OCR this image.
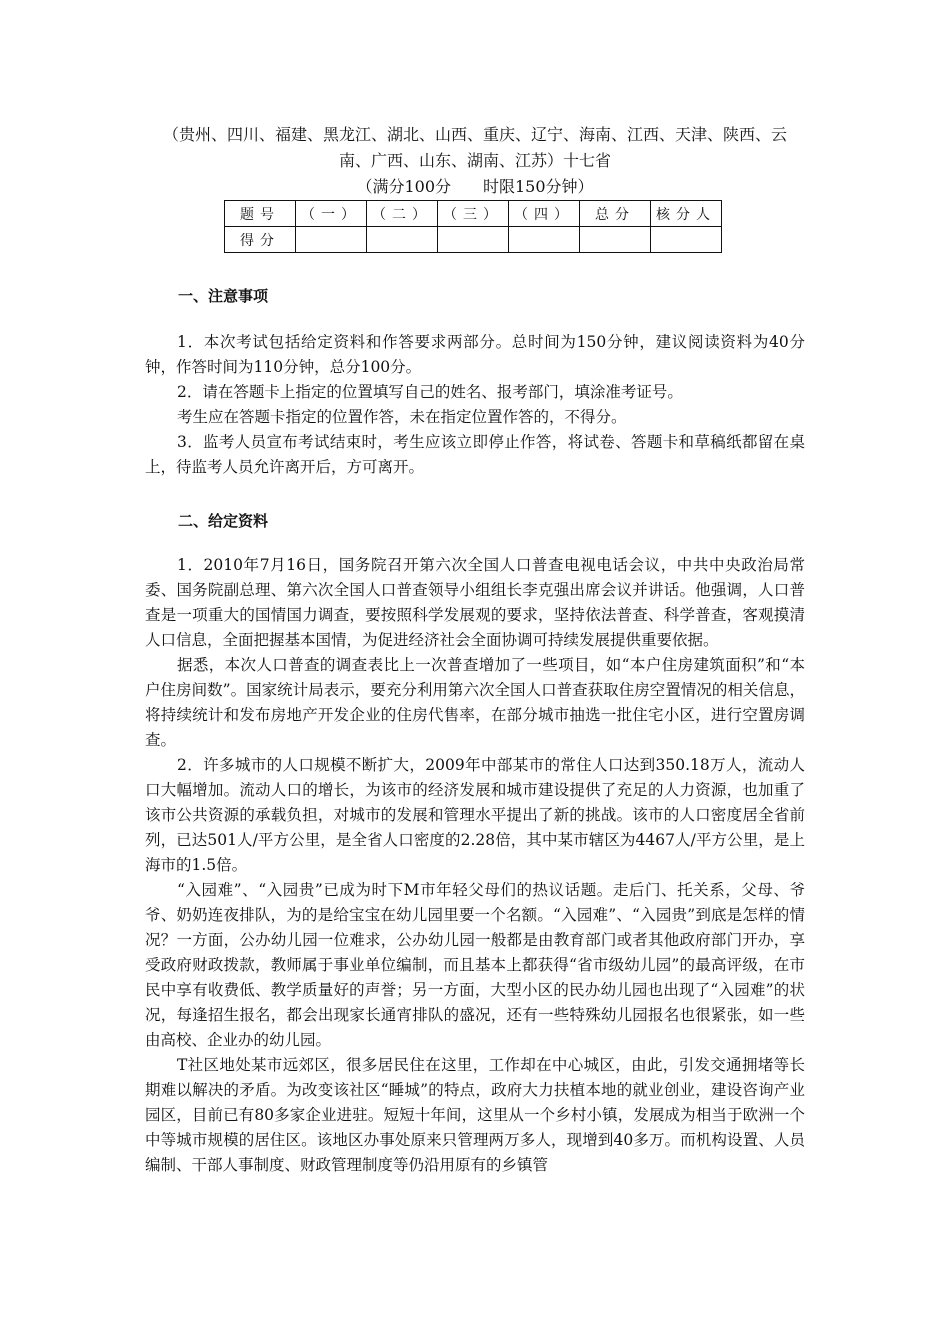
（贵州、四川、福建、黑龙江、湖北、山西、重庆、辽宁、海南、江西、天津、陕西、云
南、广西、山东、湖南、江苏）十七省
（满分100分　　时限150分钟）
题号	（一）	（二）	（三）	（四）	总分	核分人
得分						
一、注意事项

1．本次考试包括给定资料和作答要求两部分。总时间为150分钟，建议阅读资料为40分钟，作答时间为110分钟，总分100分。

2．请在答题卡上指定的位置填写自己的姓名、报考部门，填涂准考证号。

考生应在答题卡指定的位置作答，未在指定位置作答的，不得分。

3．监考人员宣布考试结束时，考生应该立即停止作答，将试卷、答题卡和草稿纸都留在桌上，待监考人员允许离开后，方可离开。

二、给定资料

1．2010年7月16日，国务院召开第六次全国人口普查电视电话会议，中共中央政治局常委、国务院副总理、第六次全国人口普查领导小组组长李克强出席会议并讲话。他强调，人口普查是一项重大的国情国力调查，要按照科学发展观的要求，坚持依法普查、科学普查，客观摸清人口信息，全面把握基本国情，为促进经济社会全面协调可持续发展提供重要依据。

据悉，本次人口普查的调查表比上一次普查增加了一些项目，如“本户住房建筑面积”和“本户住房间数”。国家统计局表示，要充分利用第六次全国人口普查获取住房空置情况的相关信息，将持续统计和发布房地产开发企业的住房代售率，在部分城市抽选一批住宅小区，进行空置房调查。

2．许多城市的人口规模不断扩大，2009年中部某市的常住人口达到350.18万人，流动人口大幅增加。流动人口的增长，为该市的经济发展和城市建设提供了充足的人力资源，也加重了该市公共资源的承载负担，对城市的发展和管理水平提出了新的挑战。该市的人口密度居全省前列，已达501人/平方公里，是全省人口密度的2.28倍，其中某市辖区为4467人/平方公里，是上海市的1.5倍。

“入园难”、“入园贵”已成为时下M市年轻父母们的热议话题。走后门、托关系，父母、爷爷、奶奶连夜排队，为的是给宝宝在幼儿园里要一个名额。“入园难”、“入园贵”到底是怎样的情况？一方面，公办幼儿园一位难求，公办幼儿园一般都是由教育部门或者其他政府部门开办，享受政府财政拨款，教师属于事业单位编制，而且基本上都获得“省市级幼儿园”的最高评级，在市民中享有收费低、教学质量好的声誉；另一方面，大型小区的民办幼儿园也出现了“入园难”的状况，每逢招生报名，都会出现家长通宵排队的盛况，还有一些特殊幼儿园报名也很紧张，如一些由高校、企业办的幼儿园。

T社区地处某市远郊区，很多居民住在这里，工作却在中心城区，由此，引发交通拥堵等长期难以解决的矛盾。为改变该社区“睡城”的特点，政府大力扶植本地的就业创业，建设咨询产业园区，目前已有80多家企业进驻。短短十年间，这里从一个乡村小镇，发展成为相当于欧洲一个中等城市规模的居住区。该地区办事处原来只管理两万多人，现增到40多万。而机构设置、人员编制、干部人事制度、财政管理制度等仍沿用原有的乡镇管
